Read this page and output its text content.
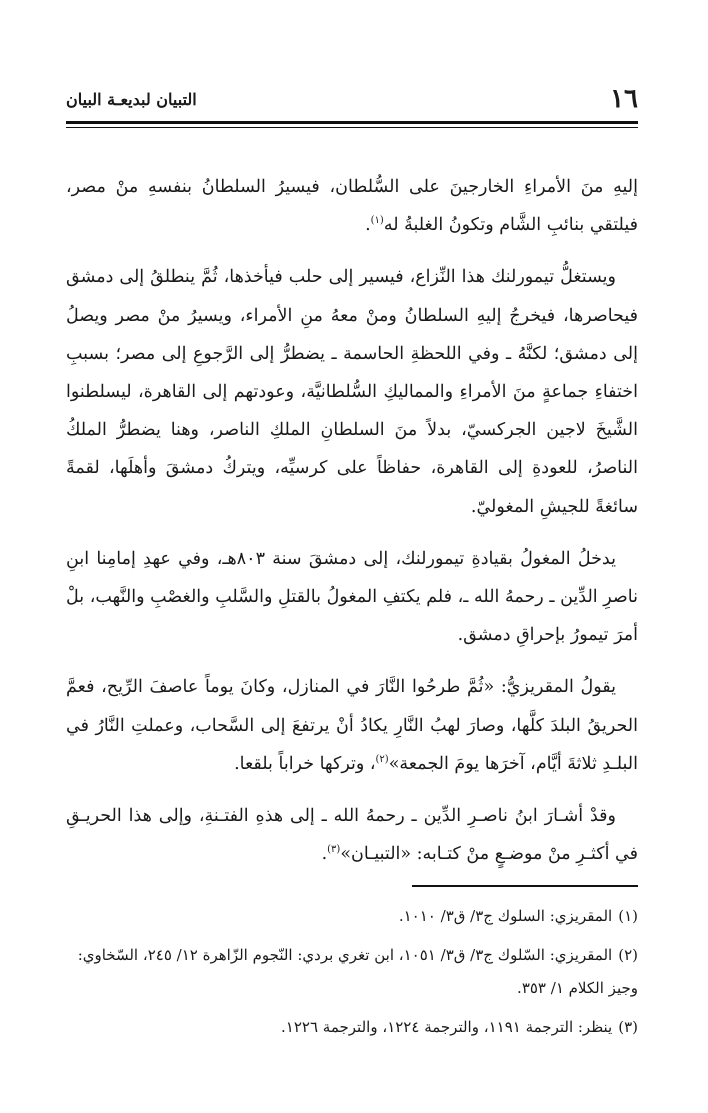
١٦
التبيان لبديعـة البيان

إليهِ منَ الأمراءِ الخارجينَ على السُّلطان، فيسيرُ السلطانُ بنفسهِ منْ مصر، فيلتقي بنائبِ الشَّام وتكونُ الغلبةُ له$^{(١)}$.

ويستغلُّ تيمورلنك هذا النِّزاع، فيسير إلى حلب فيأخذها، ثُمَّ ينطلقُ إلى دمشق فيحاصرها، فيخرجُ إليهِ السلطانُ ومنْ معهُ منِ الأمراء، ويسيرُ منْ مصر ويصلُ إلى دمشق؛ لكنَّهُ ـ وفي اللحظةِ الحاسمة ـ يضطرُّ إلى الرَّجوعِ إلى مصر؛ بسببِ اختفاءِ جماعةٍ منَ الأمراءِ والمماليكِ السُّلطانيَّة، وعودتهم إلى القاهرة، ليسلطنوا الشَّيخَ لاجين الجركسيّ، بدلاً منَ السلطانِ الملكِ الناصر، وهنا يضطرُّ الملكُ الناصرُ، للعودةِ إلى القاهرة، حفاظاً على كرسيِّه، ويتركُ دمشقَ وأهلَها، لقمةً سائغةً للجيشِ المغوليّ.

يدخلُ المغولُ بقيادةِ تيمورلنك، إلى دمشقَ سنة ٨٠٣هـ، وفي عهدِ إمامِنا ابنِ ناصرِ الدِّين ـ رحمهُ الله ـ، فلم يكتفِ المغولُ بالقتلِ والسَّلبِ والغصْبِ والنَّهب، بلْ أمرَ تيمورُ بإحراقِ دمشق.

يقولُ المقريزيُّ: «ثُمَّ طرحُوا النَّارَ في المنازل، وكانَ يوماً عاصفَ الرِّيح، فعمَّ الحريقُ البلدَ كلَّها، وصارَ لهبُ النَّارِ يكادُ أنْ يرتفعَ إلى السَّحاب، وعملتِ النَّارُ في البلـدِ ثلاثةَ أيَّام، آخرَها يومَ الجمعة»$^{(٢)}$، وتركها خراباً بلقعا.

وقدْ أشـارَ ابنُ ناصـرِ الدِّين ـ رحمهُ الله ـ إلى هذهِ الفتـنةِ، وإلى هذا الحريـقِ في أكثـرِ منْ موضـعٍ منْ كتـابه: «التبيـان»$^{(٣)}$.

(١)المقريزي: السلوك ج٣/ ق٣/ ١٠١٠.

(٢)المقريزي: السّلوك ج٣/ ق٣/ ١٠٥١، ابن تغري بردي: النّجوم الزّاهرة ١٢/ ٢٤٥، السّخاوي: وجيز الكلام ١/ ٣٥٣.

(٣)ينظر: الترجمة ١١٩١، والترجمة ١٢٢٤، والترجمة ١٢٢٦.
